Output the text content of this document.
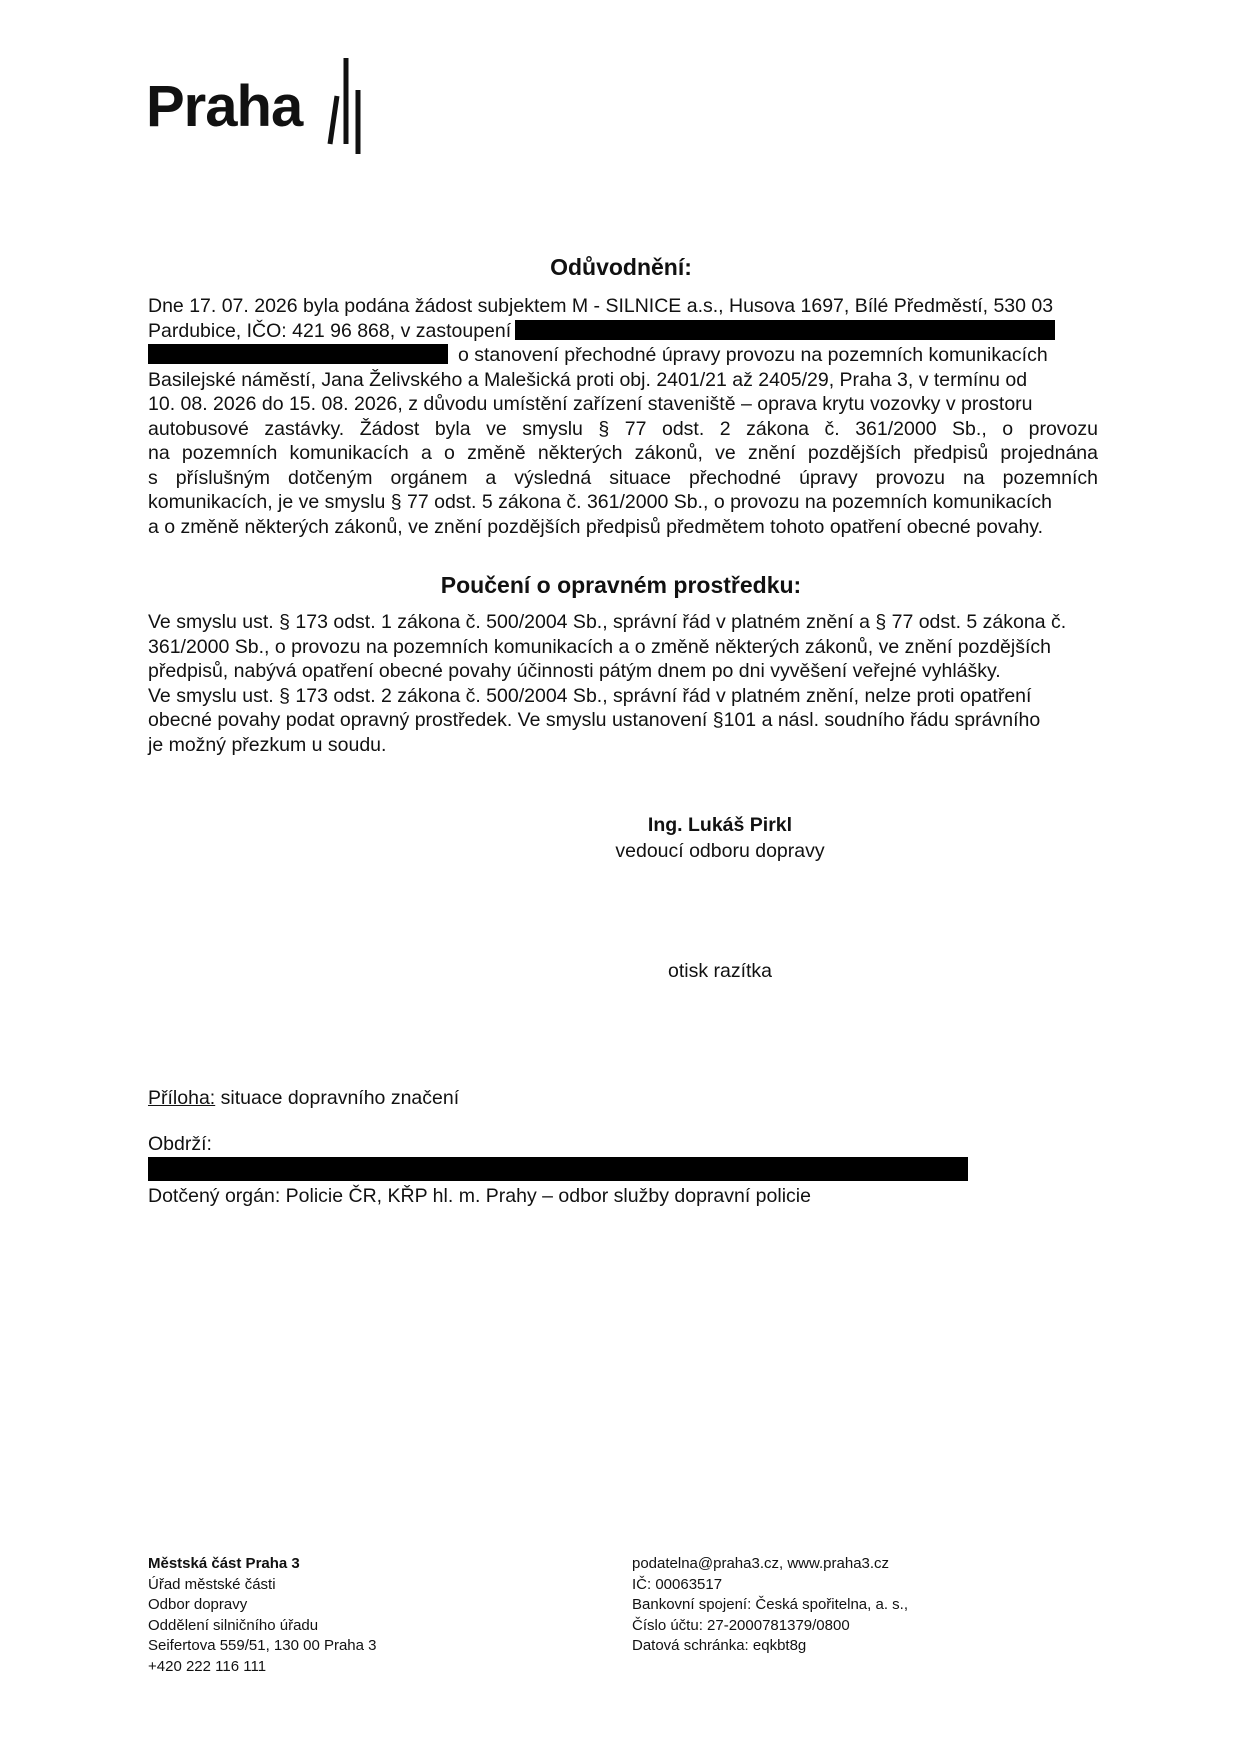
Praha
Odůvodnění:
Dne 17. 07. 2026 byla podána žádost subjektem M - SILNICE a.s., Husova 1697, Bílé Předměstí, 530 03
Pardubice, IČO: 421 96 868, v zastoupení
o stanovení přechodné úpravy provozu na pozemních komunikacích
Basilejské náměstí, Jana Želivského a Malešická proti obj. 2401/21 až 2405/29, Praha 3, v termínu od
10. 08. 2026 do 15. 08. 2026, z důvodu umístění zařízení staveniště – oprava krytu vozovky v prostoru
autobusové zastávky. Žádost byla ve smyslu § 77 odst. 2 zákona č. 361/2000 Sb., o provozu
na pozemních komunikacích a o změně některých zákonů, ve znění pozdějších předpisů projednána
s příslušným dotčeným orgánem a výsledná situace přechodné úpravy provozu na pozemních
komunikacích, je ve smyslu § 77 odst. 5 zákona č. 361/2000 Sb., o provozu na pozemních komunikacích
a o změně některých zákonů, ve znění pozdějších předpisů předmětem tohoto opatření obecné povahy.
Poučení o opravném prostředku:
Ve smyslu ust. § 173 odst. 1 zákona č. 500/2004 Sb., správní řád v platném znění a § 77 odst. 5 zákona č.
361/2000 Sb., o provozu na pozemních komunikacích a o změně některých zákonů, ve znění pozdějších
předpisů, nabývá opatření obecné povahy účinnosti pátým dnem po dni vyvěšení veřejné vyhlášky.
Ve smyslu ust. § 173 odst. 2 zákona č. 500/2004 Sb., správní řád v platném znění, nelze proti opatření
obecné povahy podat opravný prostředek. Ve smyslu ustanovení §101 a násl. soudního řádu správního
je možný přezkum u soudu.
Ing. Lukáš Pirkl
vedoucí odboru dopravy
otisk razítka
Příloha: situace dopravního značení
Obdrží:
Dotčený orgán: Policie ČR, KŘP hl. m. Prahy – odbor služby dopravní policie
Městská část Praha 3
Úřad městské části
Odbor dopravy
Oddělení silničního úřadu
Seifertova 559/51, 130 00 Praha 3
+420 222 116 111
podatelna@praha3.cz, www.praha3.cz
IČ: 00063517
Bankovní spojení: Česká spořitelna, a. s.,
Číslo účtu: 27-2000781379/0800
Datová schránka: eqkbt8g
